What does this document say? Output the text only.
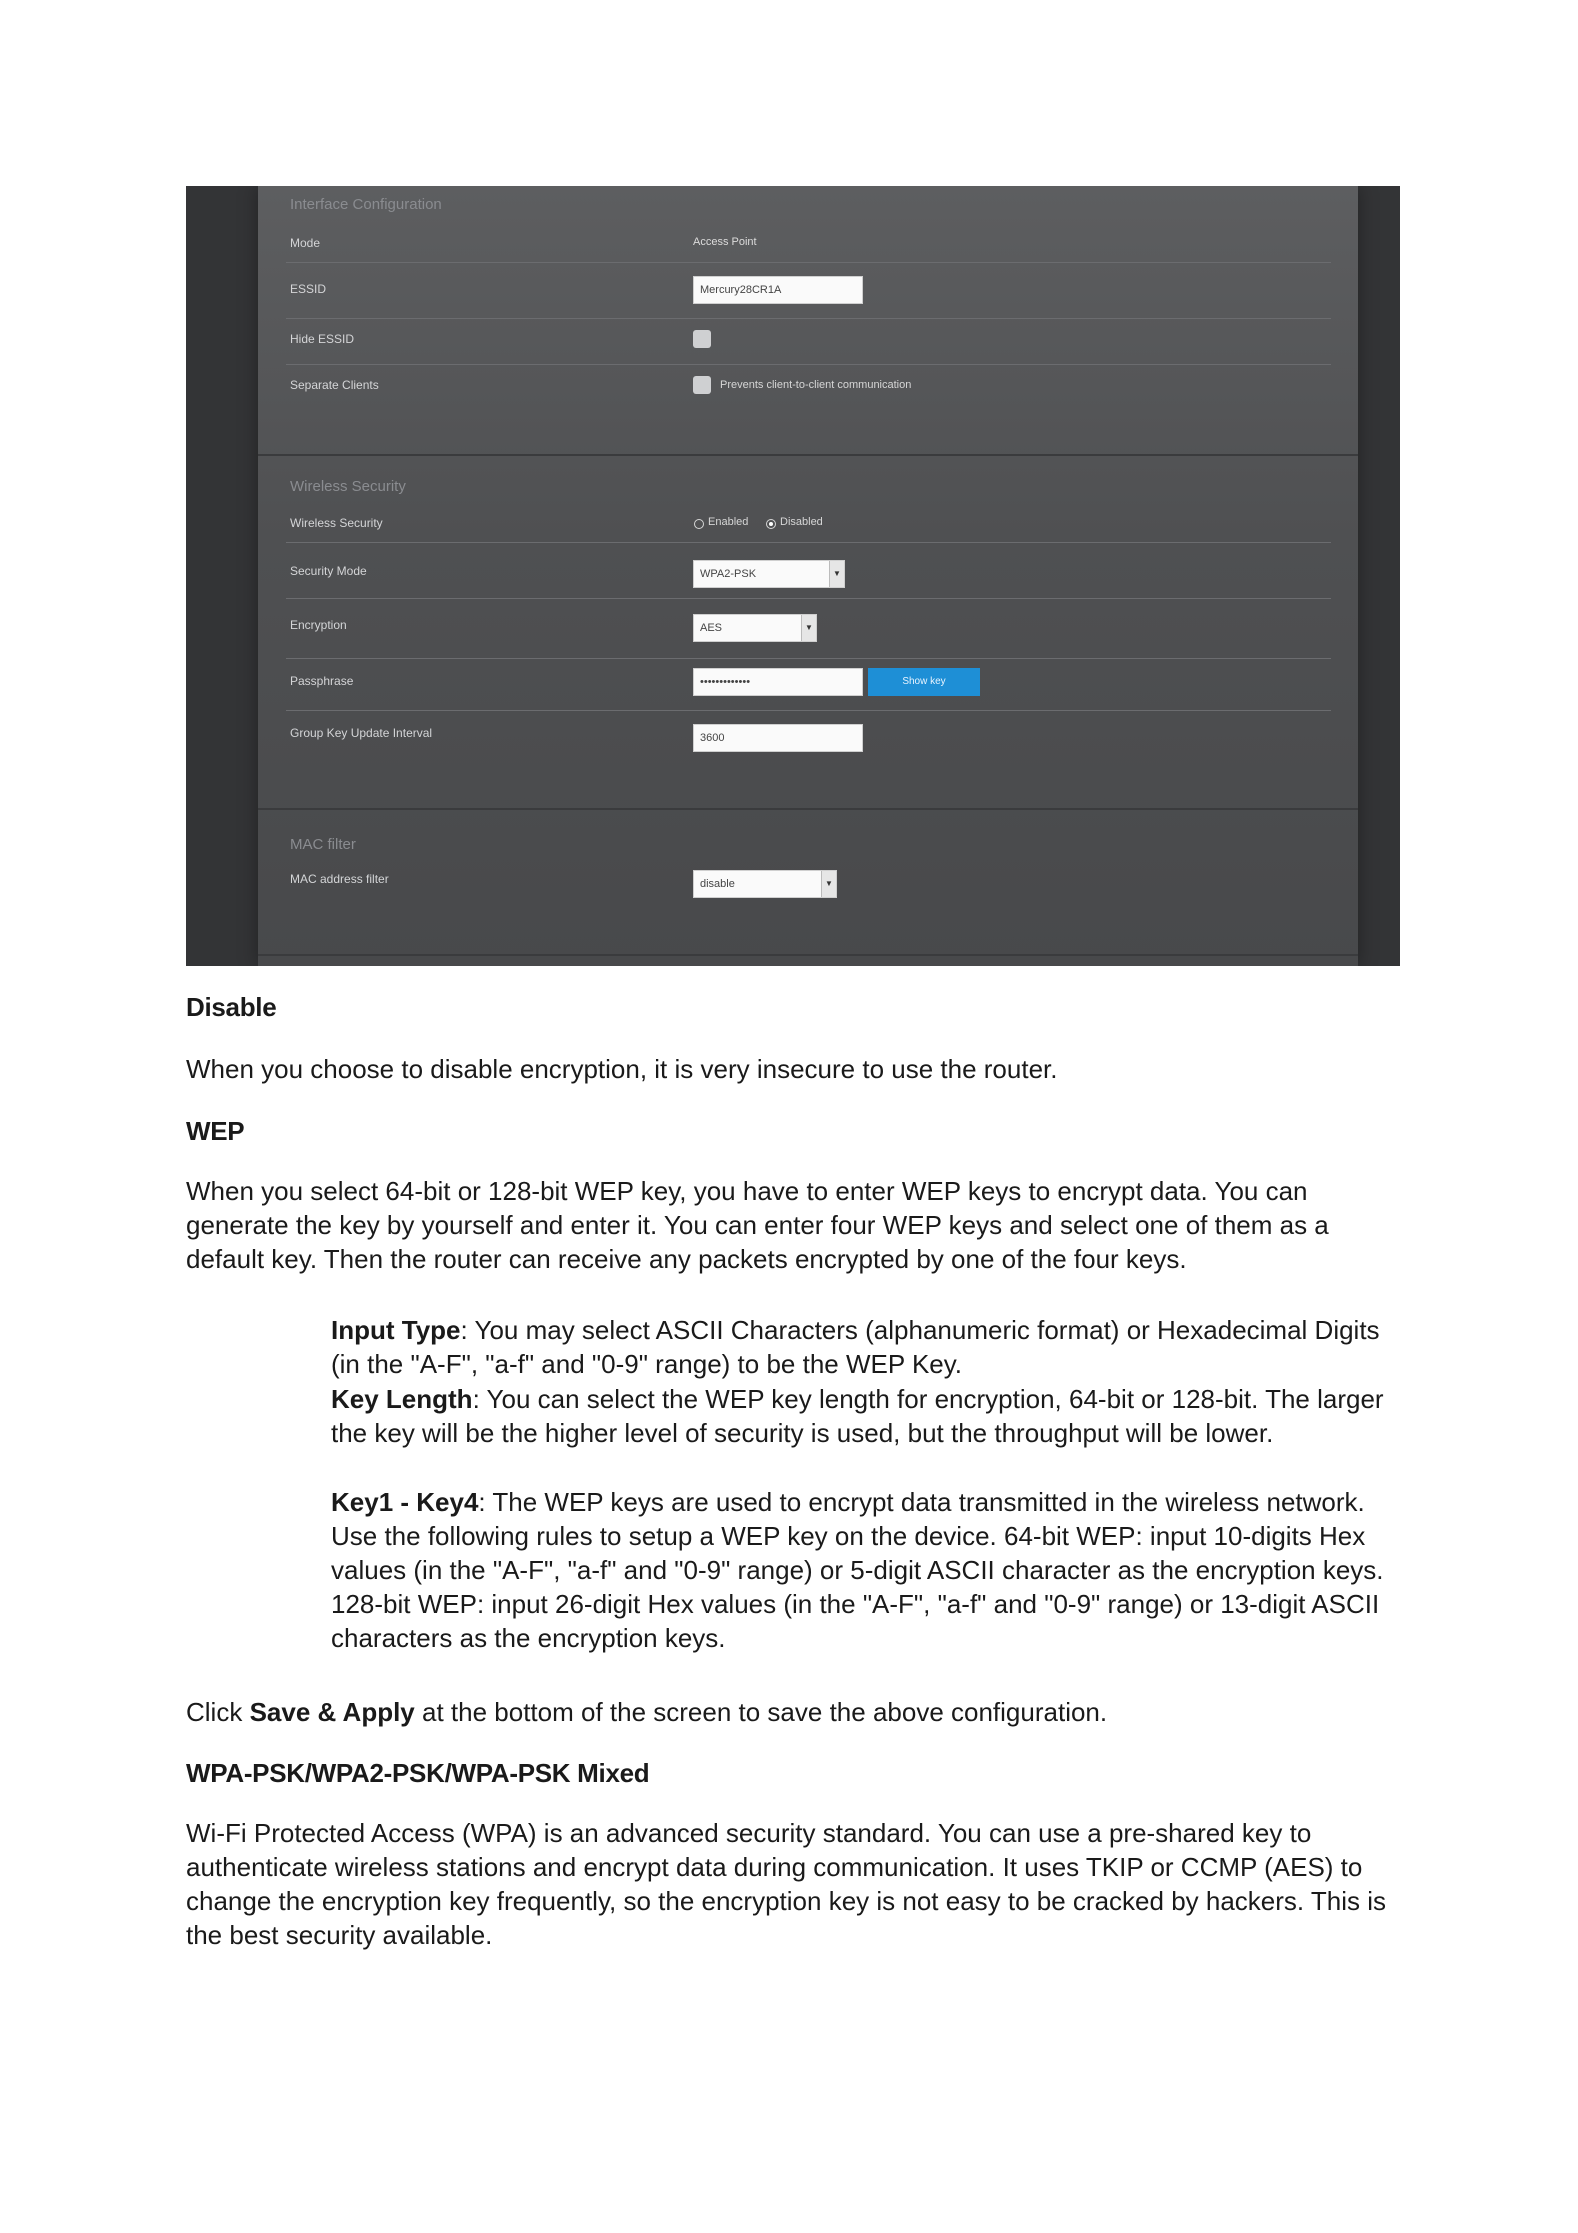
Interface Configuration
Mode	Access Point
ESSID	Mercury28CR1A
Hide ESSID
Separate Clients	Prevents client-to-client communication
Wireless Security
Wireless Security	Enabled	Disabled
Security Mode	WPA2-PSK	▼
Encryption	AES	▼
Passphrase	•••••••••••••	Show key
Group Key Update Interval	3600
MAC filter
MAC address filter	disable	▼
Disable
When you choose to disable encryption, it is very insecure to use the router.
WEP
When you select 64-bit or 128-bit WEP key, you have to enter WEP keys to encrypt data. You can generate the key by yourself and enter it. You can enter four WEP keys and select one of them as a default key. Then the router can receive any packets encrypted by one of the four keys.
Input Type: You may select ASCII Characters (alphanumeric format) or Hexadecimal Digits (in the "A-F", "a-f" and "0-9" range) to be the WEP Key.
Key Length: You can select the WEP key length for encryption, 64-bit or 128-bit. The larger the key will be the higher level of security is used, but the throughput will be lower.
Key1 - Key4: The WEP keys are used to encrypt data transmitted in the wireless network. Use the following rules to setup a WEP key on the device. 64-bit WEP: input 10-digits Hex values (in the "A-F", "a-f" and "0-9" range) or 5-digit ASCII character as the encryption keys. 128-bit WEP: input 26-digit Hex values (in the "A-F", "a-f" and "0-9" range) or 13-digit ASCII characters as the encryption keys.
Click Save & Apply at the bottom of the screen to save the above configuration.
WPA-PSK/WPA2-PSK/WPA-PSK Mixed
Wi-Fi Protected Access (WPA) is an advanced security standard. You can use a pre-shared key to authenticate wireless stations and encrypt data during communication. It uses TKIP or CCMP (AES) to change the encryption key frequently, so the encryption key is not easy to be cracked by hackers. This is the best security available.
